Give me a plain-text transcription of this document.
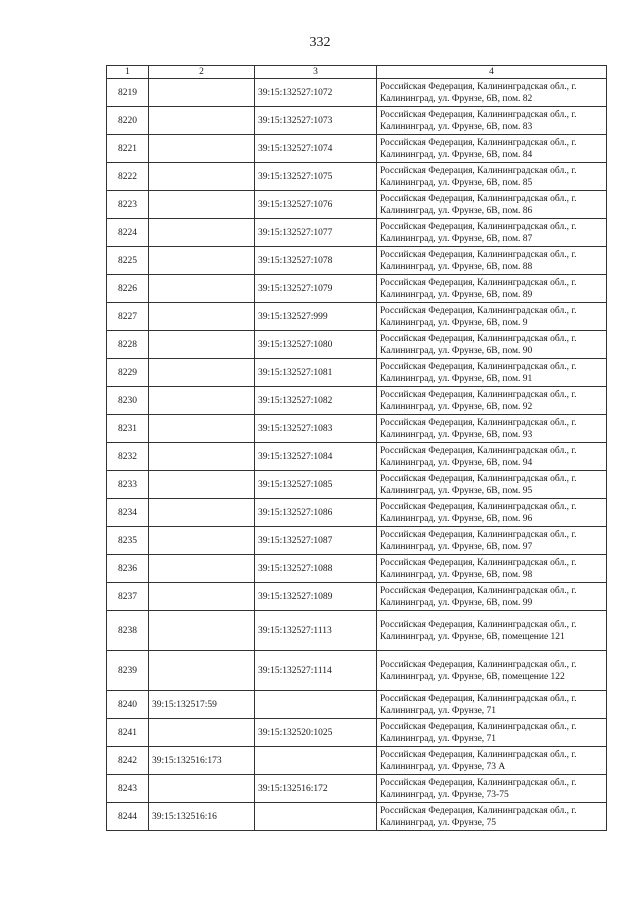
332
1	2	3	4
8219		39:15:132527:1072	Российская Федерация, Калининградская обл., г. Калининград, ул. Фрунзе, 6В, пом. 82
8220		39:15:132527:1073	Российская Федерация, Калининградская обл., г. Калининград, ул. Фрунзе, 6В, пом. 83
8221		39:15:132527:1074	Российская Федерация, Калининградская обл., г. Калининград, ул. Фрунзе, 6В, пом. 84
8222		39:15:132527:1075	Российская Федерация, Калининградская обл., г. Калининград, ул. Фрунзе, 6В, пом. 85
8223		39:15:132527:1076	Российская Федерация, Калининградская обл., г. Калининград, ул. Фрунзе, 6В, пом. 86
8224		39:15:132527:1077	Российская Федерация, Калининградская обл., г. Калининград, ул. Фрунзе, 6В, пом. 87
8225		39:15:132527:1078	Российская Федерация, Калининградская обл., г. Калининград, ул. Фрунзе, 6В, пом. 88
8226		39:15:132527:1079	Российская Федерация, Калининградская обл., г. Калининград, ул. Фрунзе, 6В, пом. 89
8227		39:15:132527:999	Российская Федерация, Калининградская обл., г. Калининград, ул. Фрунзе, 6В, пом. 9
8228		39:15:132527:1080	Российская Федерация, Калининградская обл., г. Калининград, ул. Фрунзе, 6В, пом. 90
8229		39:15:132527:1081	Российская Федерация, Калининградская обл., г. Калининград, ул. Фрунзе, 6В, пом. 91
8230		39:15:132527:1082	Российская Федерация, Калининградская обл., г. Калининград, ул. Фрунзе, 6В, пом. 92
8231		39:15:132527:1083	Российская Федерация, Калининградская обл., г. Калининград, ул. Фрунзе, 6В, пом. 93
8232		39:15:132527:1084	Российская Федерация, Калининградская обл., г. Калининград, ул. Фрунзе, 6В, пом. 94
8233		39:15:132527:1085	Российская Федерация, Калининградская обл., г. Калининград, ул. Фрунзе, 6В, пом. 95
8234		39:15:132527:1086	Российская Федерация, Калининградская обл., г. Калининград, ул. Фрунзе, 6В, пом. 96
8235		39:15:132527:1087	Российская Федерация, Калининградская обл., г. Калининград, ул. Фрунзе, 6В, пом. 97
8236		39:15:132527:1088	Российская Федерация, Калининградская обл., г. Калининград, ул. Фрунзе, 6В, пом. 98
8237		39:15:132527:1089	Российская Федерация, Калининградская обл., г. Калининград, ул. Фрунзе, 6В, пом. 99
8238		39:15:132527:1113	Российская Федерация, Калининградская обл., г. Калининград, ул. Фрунзе, 6В, помещение 121
8239		39:15:132527:1114	Российская Федерация, Калининградская обл., г. Калининград, ул. Фрунзе, 6В, помещение 122
8240	39:15:132517:59		Российская Федерация, Калининградская обл., г. Калининград, ул. Фрунзе, 71
8241		39:15:132520:1025	Российская Федерация, Калининградская обл., г. Калининград, ул. Фрунзе, 71
8242	39:15:132516:173		Российская Федерация, Калининградская обл., г. Калининград, ул. Фрунзе, 73 А
8243		39:15:132516:172	Российская Федерация, Калининградская обл., г. Калининград, ул. Фрунзе, 73-75
8244	39:15:132516:16		Российская Федерация, Калининградская обл., г. Калининград, ул. Фрунзе, 75
